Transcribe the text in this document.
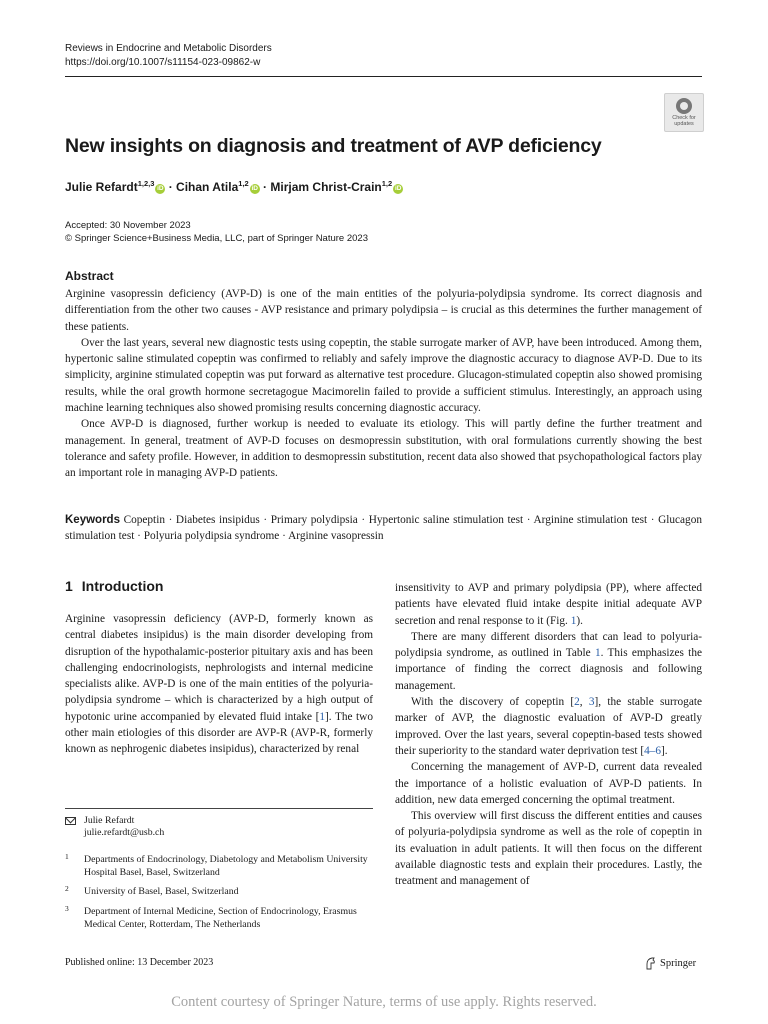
Reviews in Endocrine and Metabolic Disorders
https://doi.org/10.1007/s11154-023-09862-w
Check for updates
New insights on diagnosis and treatment of AVP deficiency
Julie Refardt$^{1,2,3}$iD · Cihan Atila$^{1,2}$iD · Mirjam Christ‑Crain$^{1,2}$iD
Accepted: 30 November 2023
© Springer Science+Business Media, LLC, part of Springer Nature 2023
Abstract

Arginine vasopressin deficiency (AVP-D) is one of the main entities of the polyuria-polydipsia syndrome. Its correct diagnosis and differentiation from the other two causes - AVP resistance and primary polydipsia – is crucial as this determines the further management of these patients.

Over the last years, several new diagnostic tests using copeptin, the stable surrogate marker of AVP, have been introduced. Among them, hypertonic saline stimulated copeptin was confirmed to reliably and safely improve the diagnostic accuracy to diagnose AVP-D. Due to its simplicity, arginine stimulated copeptin was put forward as alternative test procedure. Glucagon-stimulated copeptin also showed promising results, while the oral growth hormone secretagogue Macimorelin failed to provide a sufficient stimulus. Interestingly, an approach using machine learning techniques also showed promising results concerning diagnostic accuracy.

Once AVP-D is diagnosed, further workup is needed to evaluate its etiology. This will partly define the further treatment and management. In general, treatment of AVP-D focuses on desmopressin substitution, with oral formulations currently showing the best tolerance and safety profile. However, in addition to desmopressin substitution, recent data also showed that psychopathological factors play an important role in managing AVP-D patients.

Keywords Copeptin · Diabetes insipidus · Primary polydipsia · Hypertonic saline stimulation test · Arginine stimulation test · Glucagon stimulation test · Polyuria polydipsia syndrome · Arginine vasopressin
1 Introduction

Arginine vasopressin deficiency (AVP-D, formerly known as central diabetes insipidus) is the main disorder developing from disruption of the hypothalamic-posterior pituitary axis and has been challenging endocrinologists, nephrologists and internal medicine specialists alike. AVP-D is one of the main entities of the polyuria-polydipsia syndrome – which is characterized by a high output of hypotonic urine accompanied by elevated fluid intake [1]. The two other main etiologies of this disorder are AVP-R (AVP-R, formerly known as nephrogenic diabetes insipidus), characterized by renal

insensitivity to AVP and primary polydipsia (PP), where affected patients have elevated fluid intake despite initial adequate AVP secretion and renal response to it (Fig. 1).

There are many different disorders that can lead to polyuria-polydipsia syndrome, as outlined in Table 1. This emphasizes the importance of finding the correct diagnosis and following management.

With the discovery of copeptin [2, 3], the stable surrogate marker of AVP, the diagnostic evaluation of AVP-D greatly improved. Over the last years, several copeptin-based tests showed their superiority to the standard water deprivation test [4–6].

Concerning the management of AVP-D, current data revealed the importance of a holistic evaluation of AVP-D patients. In addition, new data emerged concerning the optimal treatment.

This overview will first discuss the different entities and causes of polyuria-polydipsia syndrome as well as the role of copeptin in its evaluation in adult patients. It will then focus on the different available diagnostic tests and explain their procedures. Lastly, the treatment and management of

Julie Refardt
julie.refardt@usb.ch
1 Departments of Endocrinology, Diabetology and Metabolism University Hospital Basel, Basel, Switzerland
2 University of Basel, Basel, Switzerland
3 Department of Internal Medicine, Section of Endocrinology, Erasmus Medical Center, Rotterdam, The Netherlands
Published online: 13 December 2023	Springer
Content courtesy of Springer Nature, terms of use apply. Rights reserved.
